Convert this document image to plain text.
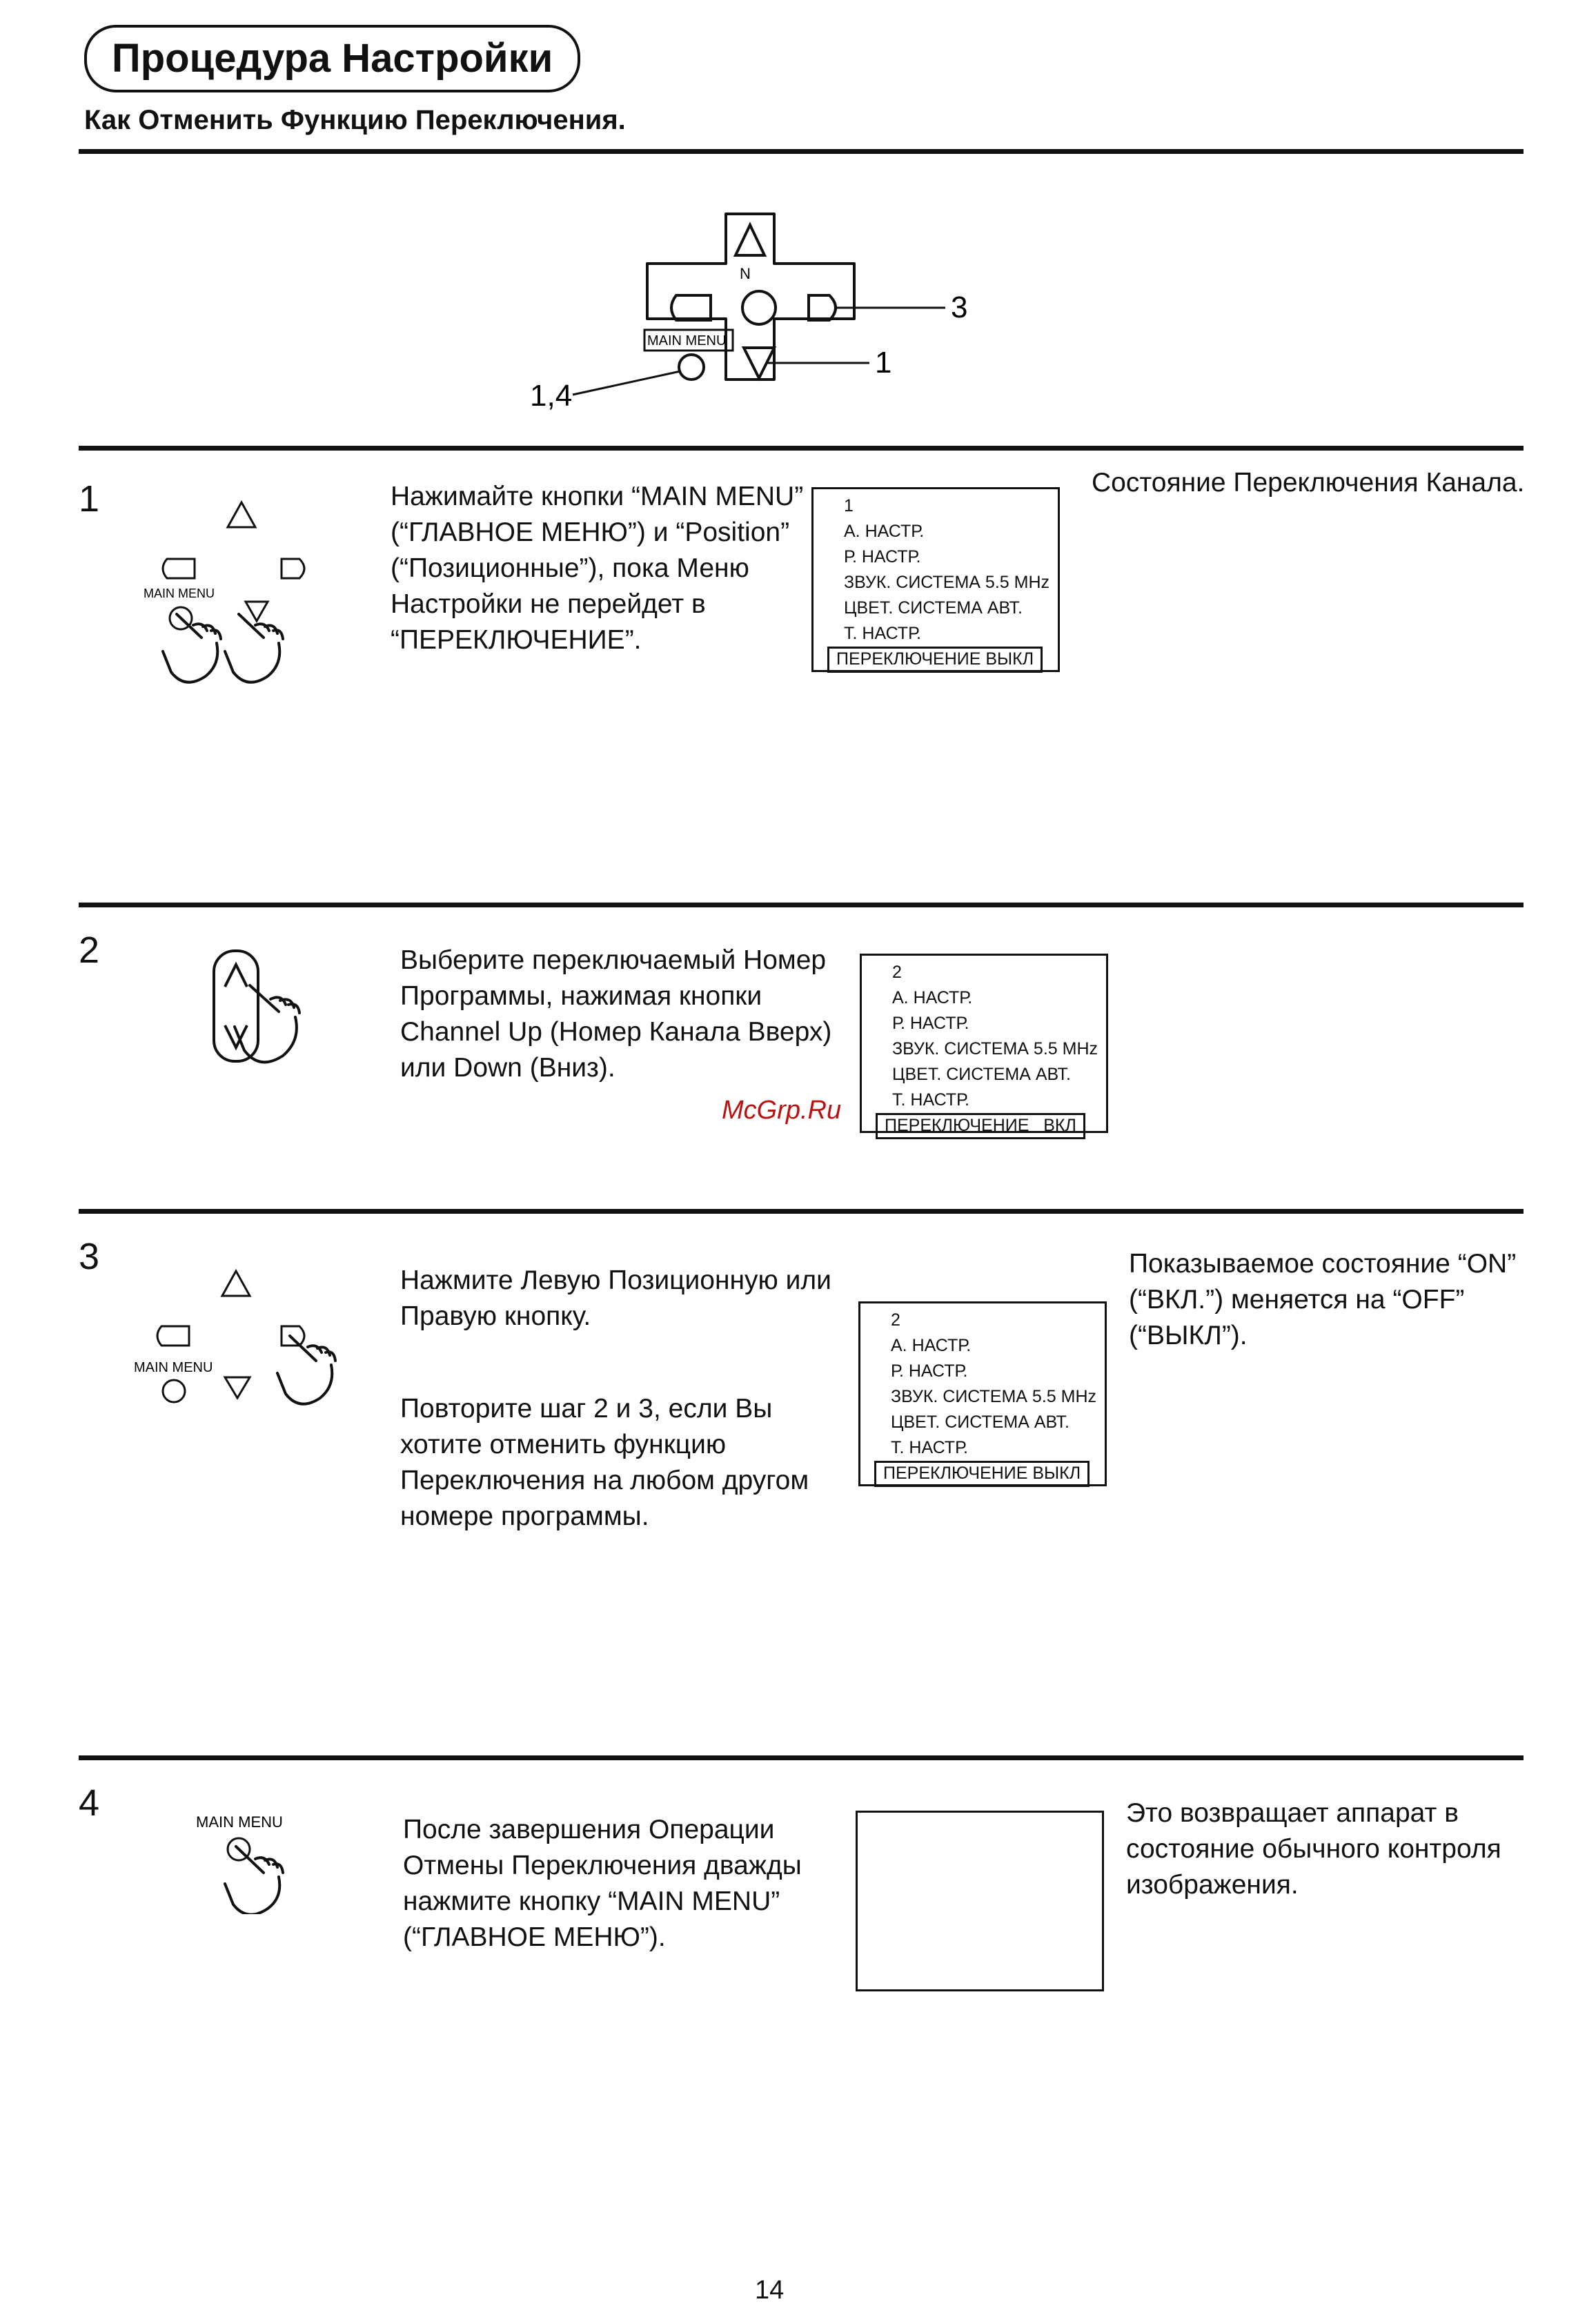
Процедура Настройки
Как Отменить Функцию Переключения.
N
MAIN MENU
3
1
1,4
1
MAIN MENU
Нажимайте кнопки “MAIN MENU”
(“ГЛАВНОЕ МЕНЮ”) и “Position”
(“Позиционные”), пока Меню
Настройки не перейдет в
“ПЕРЕКЛЮЧЕНИЕ”.
1
А. НАСТР.
Р. НАСТР.
ЗВУК. СИСТЕМА 5.5 MHz
ЦВЕТ. СИСТЕМА АВТ.
Т. НАСТР.
ПЕРЕКЛЮЧЕНИЕ ВЫКЛ
Состояние Переключения Канала.
2	Выберите переключаемый Номер
Программы, нажимая кнопки
Channel Up (Номер Канала Вверх)
или Down (Вниз).
2
А. НАСТР.
Р. НАСТР.
ЗВУК. СИСТЕМА 5.5 MHz
ЦВЕТ. СИСТЕМА АВТ.
Т. НАСТР.
ПЕРЕКЛЮЧЕНИЕ   ВКЛ
McGrp.Ru
3
MAIN MENU
Нажмите Левую Позиционную или
Правую кнопку.
Повторите шаг 2 и 3, если Вы
хотите отменить функцию
Переключения на любом другом
номере программы.
2
А. НАСТР.
Р. НАСТР.
ЗВУК. СИСТЕМА 5.5 MHz
ЦВЕТ. СИСТЕМА АВТ.
Т. НАСТР.
ПЕРЕКЛЮЧЕНИЕ ВЫКЛ
Показываемое состояние “ON”
(“ВКЛ.”) меняется на “OFF”
(“ВЫКЛ”).
4	MAIN MENU	После завершения Операции
Отмены Переключения дважды
нажмите кнопку “MAIN MENU”
(“ГЛАВНОЕ МЕНЮ”).
Это возвращает аппарат в
состояние обычного контроля
изображения.
14
